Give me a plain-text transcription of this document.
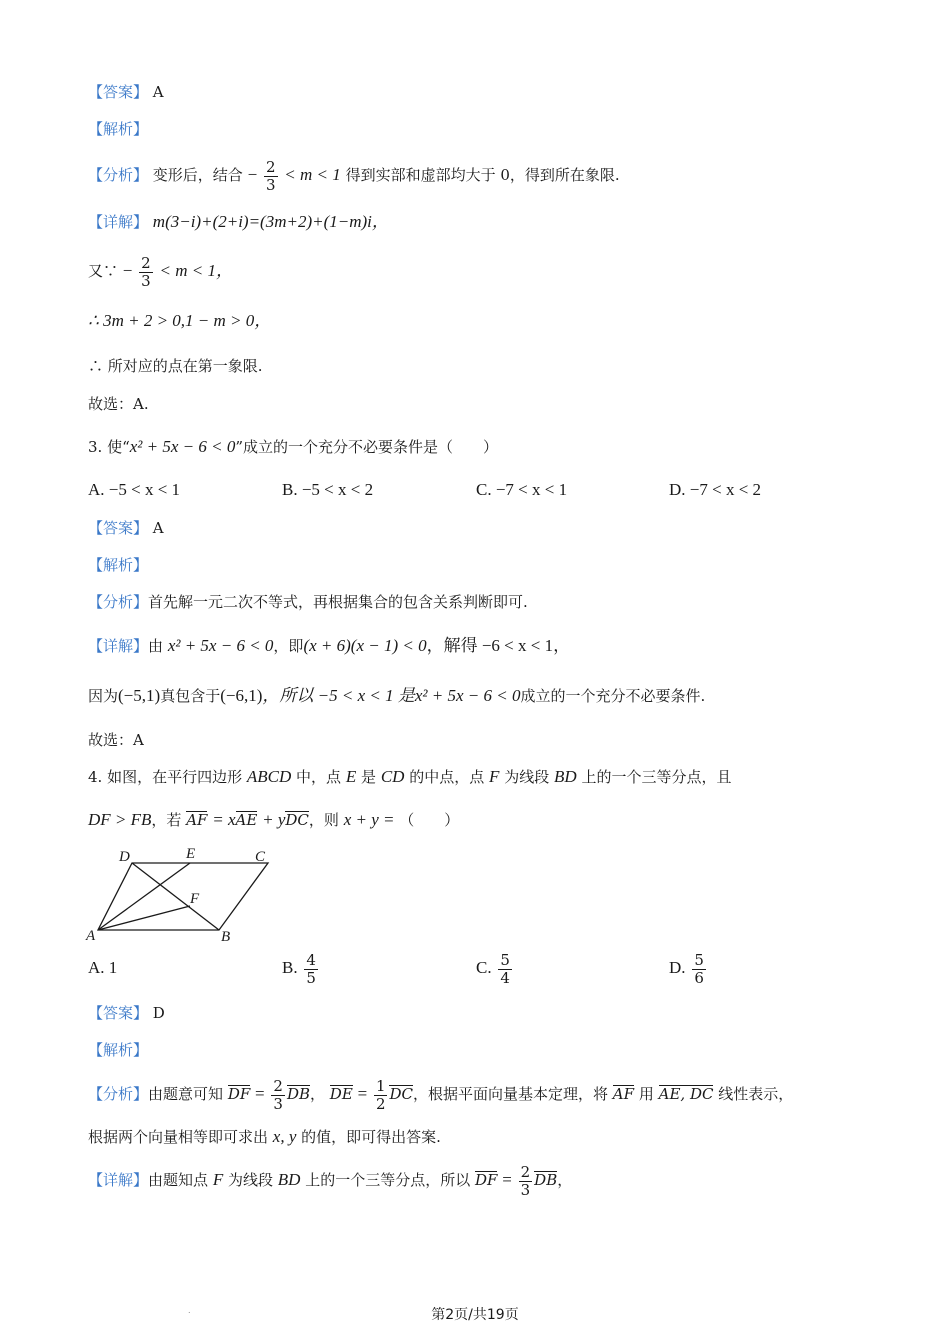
【答案】 A
【解析】
【分析】 变形后，结合 − $\frac{2}{3} < m < 1$ 得到实部和虚部均大于 0，得到所在象限.
【详解】 m(3−i)+(2+i)=(3m+2)+(1−m)i，
又∵ − $\frac{2}{3} < m < 1$，
∴ 3m + 2 > 0,1 − m > 0，
∴ 所对应的点在第一象限.
故选：A.
3. 使“x² + 5x − 6 < 0”成立的一个充分不必要条件是（　　）
A. −5 < x < 1	B. −5 < x < 2	C. −7 < x < 1	D. −7 < x < 2
【答案】 A
【解析】
【分析】首先解一元二次不等式，再根据集合的包含关系判断即可.
【详解】由 x² + 5x − 6 < 0，即(x + 6)(x − 1) < 0，解得 −6 < x < 1，
因为(−5,1)真包含于(−6,1)，所以 −5 < x < 1 是x² + 5x − 6 < 0成立的一个充分不必要条件.
故选：A
4. 如图，在平行四边形 ABCD 中，点 E 是 CD 的中点，点 F 为线段 BD 上的一个三等分点，且
DF > FB，若 AF = xAE + yDC，则 x + y = （　　）
A	B
C
D	E
F
A. 1	B. $\frac{4}{5}$	C. $\frac{5}{4}$	D. $\frac{5}{6}$
【答案】 D
【解析】
【分析】由题意可知 DF = $\frac{2}{3}$ DB， DE = $\frac{1}{2}$ DC，根据平面向量基本定理，将 AF 用 AE, DC 线性表示，
根据两个向量相等即可求出 x, y 的值，即可得出答案.
【详解】由题知点 F 为线段 BD 上的一个三等分点，所以 DF = $\frac{2}{3}$ DB，
.	第2页/共19页
